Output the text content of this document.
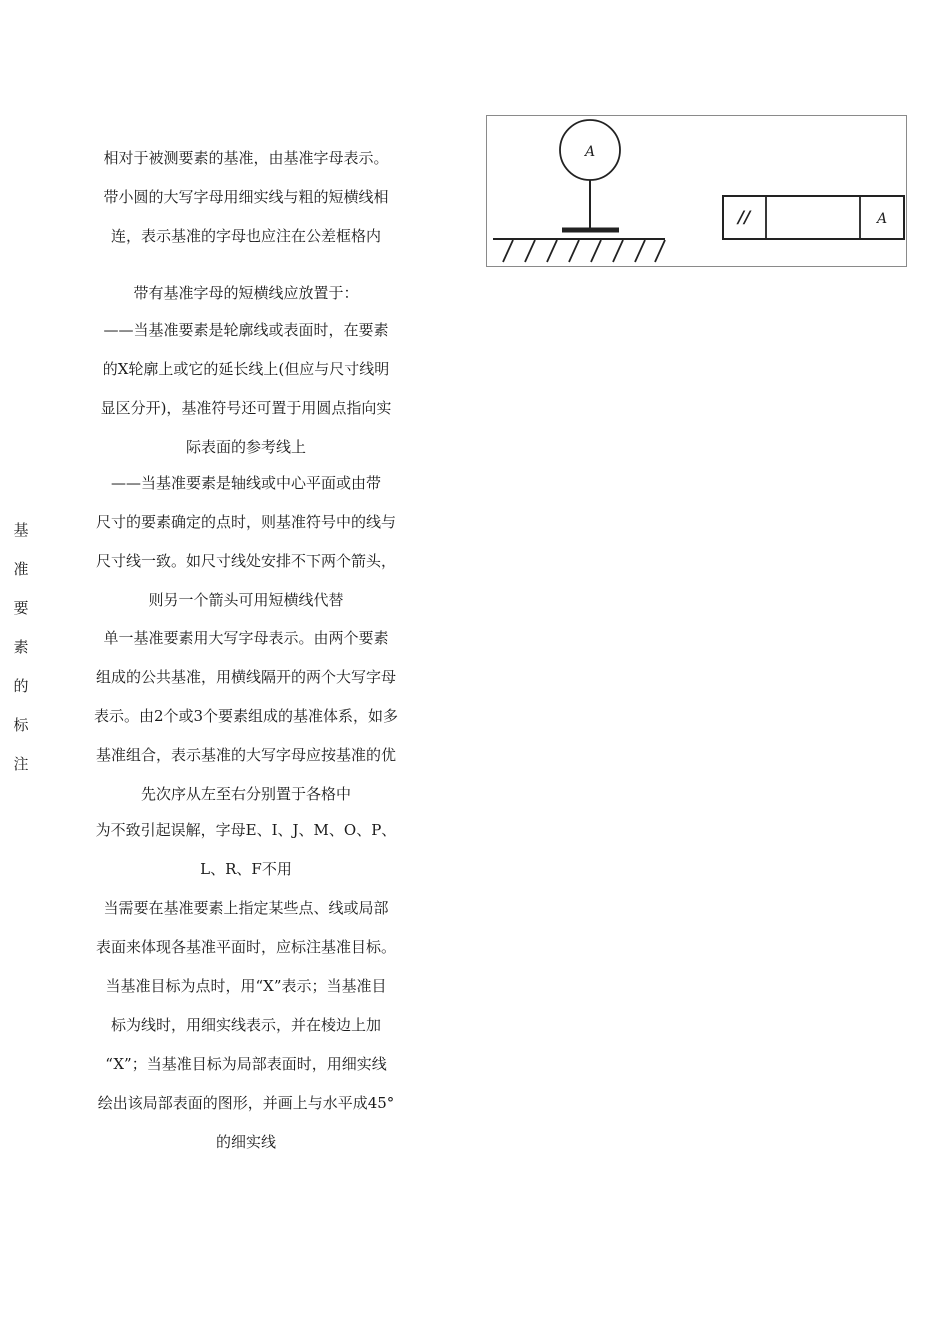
基
准
要
素
的
标
注
相对于被测要素的基准，由基准字母表示。
带小圆的大写字母用细实线与粗的短横线相
连，表示基准的字母也应注在公差框格内
带有基准字母的短横线应放置于：
——当基准要素是轮廓线或表面时，在要素
的X轮廓上或它的延长线上(但应与尺寸线明
显区分开)，基准符号还可置于用圆点指向实
际表面的参考线上
——当基准要素是轴线或中心平面或由带
尺寸的要素确定的点时，则基准符号中的线与
尺寸线一致。如尺寸线处安排不下两个箭头，
则另一个箭头可用短横线代替
单一基准要素用大写字母表示。由两个要素
组成的公共基准，用横线隔开的两个大写字母
表示。由2个或3个要素组成的基准体系，如多
基准组合，表示基准的大写字母应按基准的优
先次序从左至右分别置于各格中
为不致引起误解，字母E、I、J、M、O、P、
L、R、F不用
当需要在基准要素上指定某些点、线或局部
表面来体现各基准平面时，应标注基准目标。
当基准目标为点时，用“X”表示；当基准目
标为线时，用细实线表示，并在棱边上加
“X”；当基准目标为局部表面时，用细实线
绘出该局部表面的图形，并画上与水平成45°
的细实线
A
//	A
